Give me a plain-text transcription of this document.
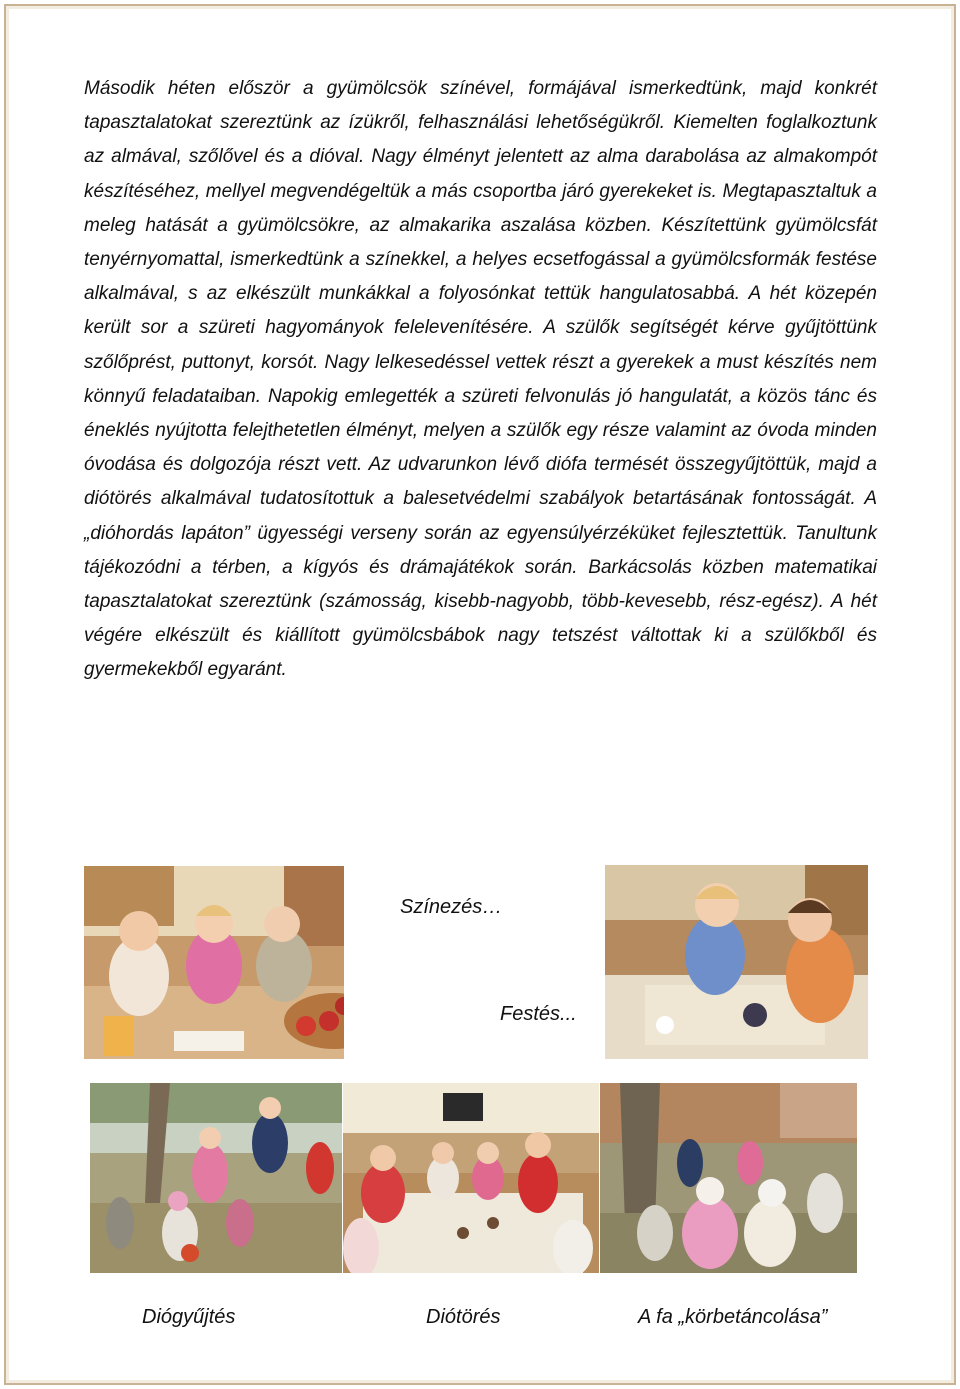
Második héten először a gyümölcsök színével, formájával ismerkedtünk, majd konkrét tapasztalatokat szereztünk az ízükről, felhasználási lehetőségükről. Kiemelten foglalkoztunk az almával, szőlővel és a dióval. Nagy élményt jelentett az alma darabolása az almakompót készítéséhez, mellyel megvendégeltük a más csoportba járó gyerekeket is. Megtapasztaltuk a meleg hatását a gyümölcsökre, az almakarika aszalása közben. Készítettünk gyümölcsfát tenyérnyomattal, ismerkedtünk a színekkel, a helyes ecsetfogással a gyümölcsformák festése alkalmával, s az elkészült munkákkal a folyosónkat tettük hangulatosabbá. A hét közepén került sor a szüreti hagyományok felelevenítésére. A szülők segítségét kérve gyűjtöttünk szőlőprést, puttonyt, korsót. Nagy lelkesedéssel vettek részt a gyerekek a must készítés nem könnyű feladataiban. Napokig emlegették a szüreti felvonulás jó hangulatát, a közös tánc és éneklés nyújtotta felejthetetlen élményt, melyen a szülők egy része valamint az óvoda minden óvodása és dolgozója részt vett. Az udvarunkon lévő diófa termését összegyűjtöttük, majd a diótörés alkalmával tudatosítottuk a balesetvédelmi szabályok betartásának fontosságát. A „dióhordás lapáton” ügyességi verseny során az egyensúlyérzéküket fejlesztettük. Tanultunk tájékozódni a térben, a kígyós és drámajátékok során. Barkácsolás közben matematikai tapasztalatokat szereztünk (számosság, kisebb-nagyobb, több-kevesebb, rész-egész). A hét végére elkészült és kiállított gyümölcsbábok nagy tetszést váltottak ki a szülőkből és gyermekekből egyaránt.

Színezés…
Festés...
Diógyűjtés	Diótörés	A fa „körbetáncolása”
